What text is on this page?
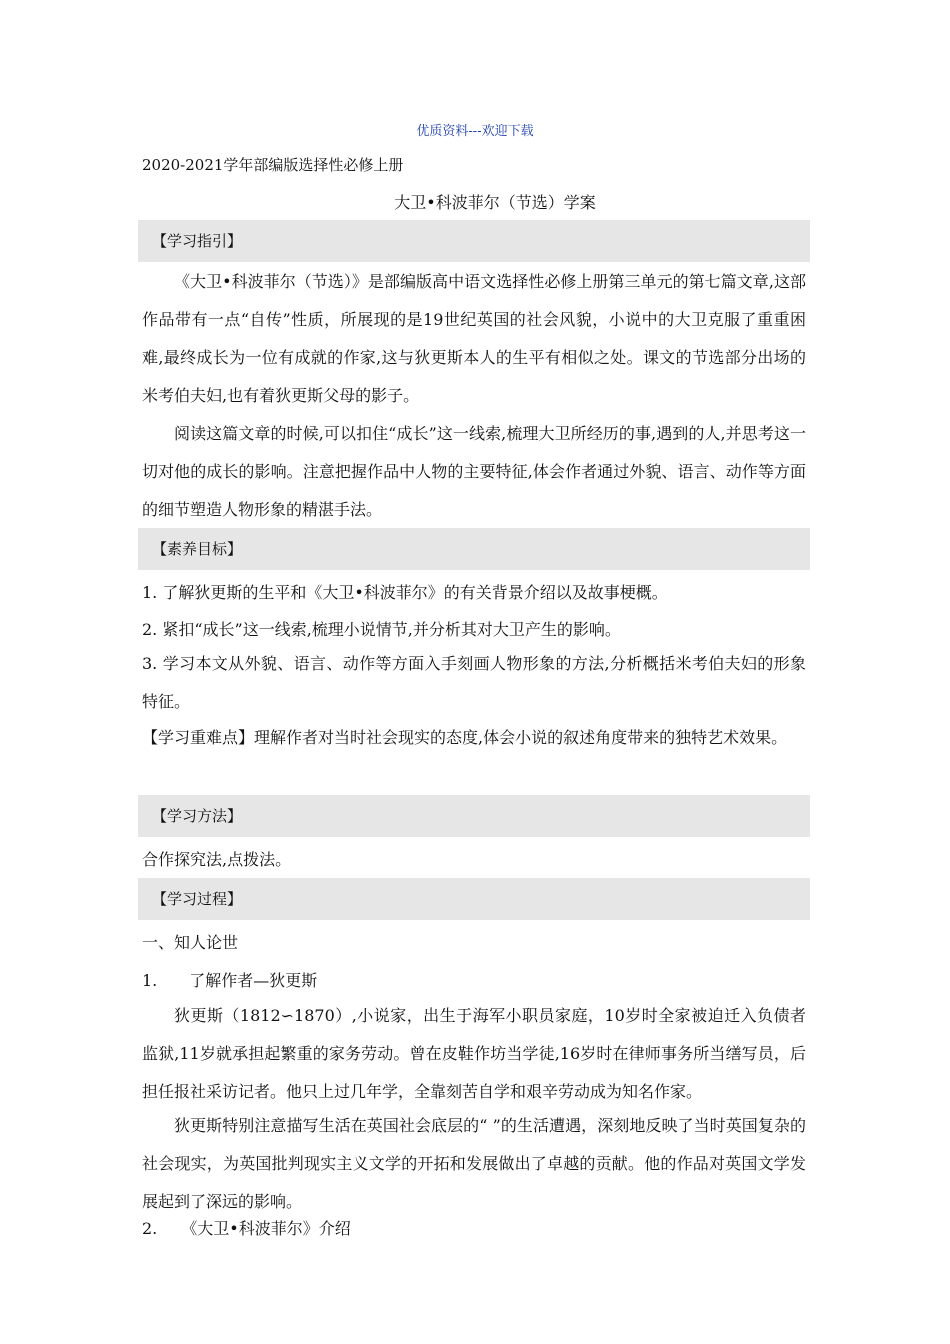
优质资料---欢迎下载
2020-2021学年部编版选择性必修上册
大卫•科波菲尔（节选）学案
【学习指引】
《大卫•科波菲尔（节选）》是部编版高中语文选择性必修上册第三单元的第七篇文章,这部作品带有一点“自传”性质，所展现的是19世纪英国的社会风貌，小说中的大卫克服了重重困难,最终成长为一位有成就的作家,这与狄更斯本人的生平有相似之处。课文的节选部分出场的米考伯夫妇,也有着狄更斯父母的影子。
阅读这篇文章的时候,可以扣住“成长”这一线索,梳理大卫所经历的事,遇到的人,并思考这一切对他的成长的影响。注意把握作品中人物的主要特征,体会作者通过外貌、语言、动作等方面的细节塑造人物形象的精湛手法。
【素养目标】
1. 了解狄更斯的生平和《大卫•科波菲尔》的有关背景介绍以及故事梗概。
2. 紧扣“成长”这一线索,梳理小说情节,并分析其对大卫产生的影响。
3. 学习本文从外貌、语言、动作等方面入手刻画人物形象的方法,分析概括米考伯夫妇的形象特征。
【学习重难点】理解作者对当时社会现实的态度,体会小说的叙述角度带来的独特艺术效果。
【学习方法】
合作探究法,点拨法。
【学习过程】
一、知人论世
1.　　了解作者—狄更斯
狄更斯（1812∽1870）,小说家，出生于海军小职员家庭，10岁时全家被迫迁入负债者监狱,11岁就承担起繁重的家务劳动。曾在皮鞋作坊当学徒,16岁时在律师事务所当缮写员，后担任报社采访记者。他只上过几年学，全靠刻苦自学和艰辛劳动成为知名作家。
狄更斯特别注意描写生活在英国社会底层的“ ”的生活遭遇，深刻地反映了当时英国复杂的社会现实，为英国批判现实主义文学的开拓和发展做出了卓越的贡献。他的作品对英国文学发展起到了深远的影响。
2.　　《大卫•科波菲尔》介绍
